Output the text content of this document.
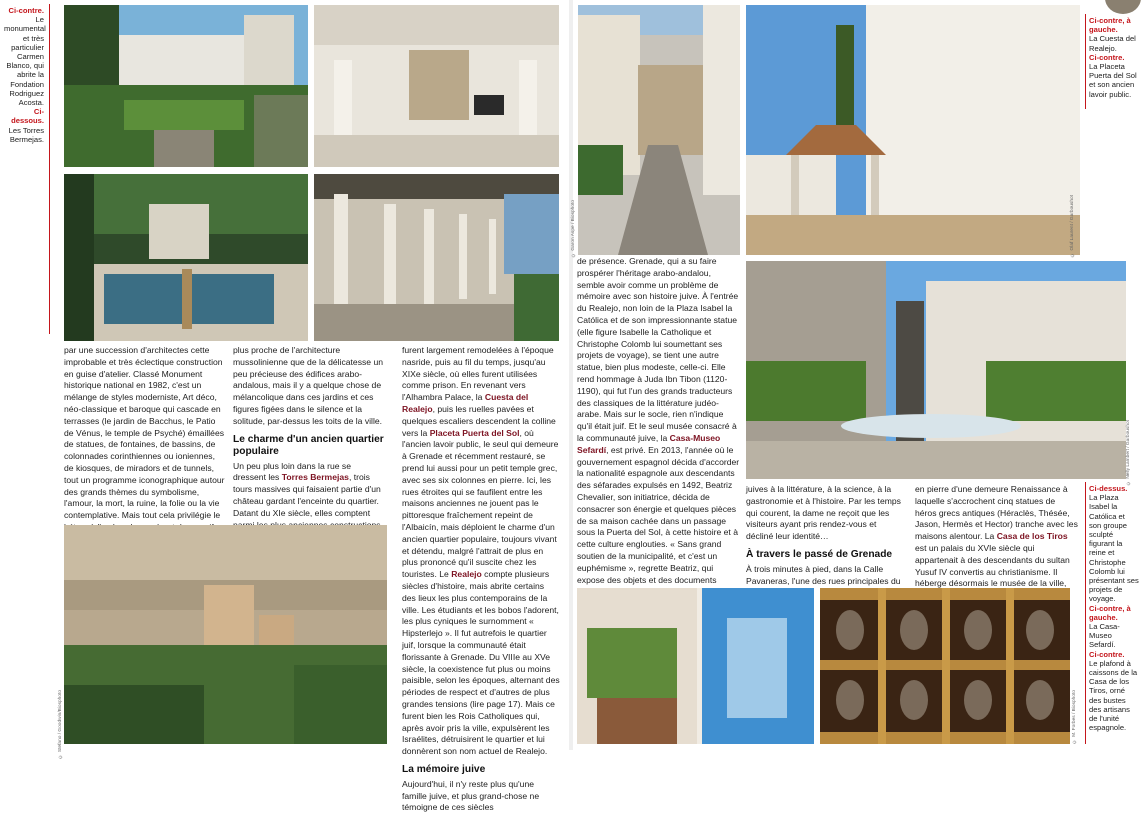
Ci-contre.

Le monumental et très particulier Carmen Blanco, qui abrite la Fondation Rodriguez Acosta.

Ci-dessous.

Les Torres Bermejas.

par une succession d'architectes cette improbable et très éclectique construction en guise d'atelier. Classé Monument historique national en 1982, c'est un mélange de styles moderniste, Art déco, néo-classique et baroque qui cascade en terrasses (le jardin de Bacchus, le Patio de Vénus, le temple de Psyché) émaillées de statues, de fontaines, de bassins, de colonnades corinthiennes ou ioniennes, de kiosques, de miradors et de tunnels, tout un programme iconographique autour des grands thèmes du symbolisme, l'amour, la mort, la ruine, la folie ou la vie contemplative. Mais tout cela privilégie le

plus proche de l'architecture mussolinienne que de la délicatesse un peu précieuse des édifices arabo-andalous, mais il y a quelque chose de mélancolique dans ces jardins et ces figures figées dans le silence et la solitude, par-dessus les toits de la ville.

Le charme d'un ancien quartier populaire

Un peu plus loin dans la rue se dressent les Torres Bermejas, trois tours massives qui faisaient partie d'un château gardant l'enceinte du quartier. Datant du XIe siècle, elles comptent

© Stefano / Goodwin/Biosphoto

furent largement remodelées à l'époque nasride, puis au fil du temps, jusqu'au XIXe siècle, où elles furent utilisées comme prison. En revenant vers l'Alhambra Palace, la Cuesta del Realejo, puis les ruelles pavées et quelques escaliers descendent la colline vers la Placeta Puerta del Sol, où l'ancien lavoir public, le seul qui demeure à Grenade et récemment restauré, se prend lui aussi pour un petit temple grec, avec ses six colonnes en pierre. Ici, les rues étroites qui se faufilent entre les maisons anciennes ne jouent pas le pittoresque fraîchement repeint de l'Albaicín, mais déploient le charme d'un ancien quartier populaire, toujours vivant et détendu, malgré l'attrait de plus en plus prononcé qu'il suscite chez les touristes. Le Realejo compte plusieurs siècles d'histoire, mais abrite certains des lieux les plus contemporains de la ville. Les étudiants et les bobos l'adorent, les plus cyniques le surnomment « Hipsterlejo ». Il fut autrefois le quartier juif, lorsque la communauté était florissante à Grenade. Du VIIIe au XVe siècle, la coexistence fut plus ou moins paisible, selon les époques, alternant des périodes de respect et d'autres de plus grandes tensions (lire page 17). Mais ce furent bien les Rois Catholiques qui, après avoir pris la ville, expulsèrent les Israélites, détruisirent le quartier et lui donnèrent son nom actuel de Realejo.

La mémoire juive

Aujourd'hui, il n'y reste plus qu'une famille juive, et plus grand-chose ne témoigne de ces siècles

© Garon Aspe / Biosphoto	© Olaf Laurent / Garboushot
Ci-contre, à gauche.

La Cuesta del Realejo.

Ci-contre.

La Placeta Puerta del Sol et son ancien lavoir public.

de présence. Grenade, qui a su faire prospérer l'héritage arabo-andalou, semble avoir comme un problème de mémoire avec son histoire juive. À l'entrée du Realejo, non loin de la Plaza Isabel la Católica et de son impressionnante statue (elle figure Isabelle la Catholique et Christophe Colomb lui soumettant ses projets de voyage), se tient une autre statue, bien plus modeste, celle-ci. Elle rend hommage à Juda Ibn Tibon (1120-1190), qui fut l'un des grands traducteurs des classiques de la littérature judéo-arabe. Mais sur le socle, rien n'indique qu'il était juif. Et le seul musée consacré à la communauté juive, la Casa-Museo Sefardí, est privé. En 2013, l'année où le gouvernement espagnol décida d'accorder la nationalité espagnole aux descendants des séfarades expulsés en 1492, Beatriz Chevalier, son initiatrice, décida de consacrer son énergie et quelques pièces de sa maison cachée dans un passage sous la Puerta del Sol, à cette histoire et à cette culture englouties. « Sans grand soutien de la municipalité, et c'est un euphémisme », regrette Beatriz, qui expose des objets et des documents

© Nelly Lambert / Garboushot
Ci-dessus.

La Plaza Isabel la Católica et son groupe sculpté figurant la reine et Christophe Colomb lui présentant ses projets de voyage.

Ci-contre, à gauche.

La Casa-Museo Sefardí.

Ci-contre.

Le plafond à caissons de la Casa de los Tiros, orné des bustes des artisans de l'unité espagnole.

juives à la littérature, à la science, à la gastronomie et à l'histoire. Par les temps qui courent, la dame ne reçoit que les visiteurs ayant pris rendez-vous et décliné leur identité…

À travers le passé de Grenade

À trois minutes à pied, dans la Calle Pavaneras, l'une des rues principales du

en pierre d'une demeure Renaissance à laquelle s'accrochent cinq statues de héros grecs antiques (Héraclès, Thésée, Jason, Hermès et Hector) tranche avec les maisons alentour. La Casa de los Tiros est un palais du XVIe siècle qui appartenait à des descendants du sultan Yusuf IV convertis au christianisme. Il héberge désormais le musée de la ville,

© M. Forbes / Biosphoto
